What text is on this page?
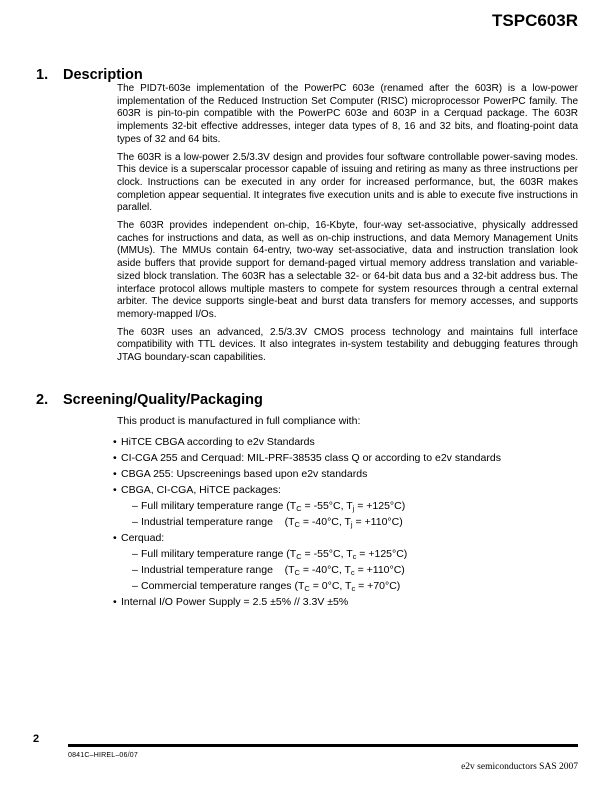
TSPC603R
1.	Description

The PID7t-603e implementation of the PowerPC 603e (renamed after the 603R) is a low-power implementation of the Reduced Instruction Set Computer (RISC) microprocessor PowerPC family. The 603R is pin-to-pin compatible with the PowerPC 603e and 603P in a Cerquad package. The 603R implements 32-bit effective addresses, integer data types of 8, 16 and 32 bits, and floating-point data types of 32 and 64 bits.

The 603R is a low-power 2.5/3.3V design and provides four software controllable power-saving modes. This device is a superscalar processor capable of issuing and retiring as many as three instructions per clock. Instructions can be executed in any order for increased performance, but, the 603R makes completion appear sequential. It integrates five execution units and is able to execute five instructions in parallel.

The 603R provides independent on-chip, 16-Kbyte, four-way set-associative, physically addressed caches for instructions and data, as well as on-chip instructions, and data Memory Management Units (MMUs). The MMUs contain 64-entry, two-way set-associative, data and instruction translation look aside buffers that provide support for demand-paged virtual memory address translation and variable-sized block translation. The 603R has a selectable 32- or 64-bit data bus and a 32-bit address bus. The interface protocol allows multiple masters to compete for system resources through a central external arbiter. The device supports single-beat and burst data transfers for memory accesses, and supports memory-mapped I/Os.

The 603R uses an advanced, 2.5/3.3V CMOS process technology and maintains full interface compatibility with TTL devices. It also integrates in-system testability and debugging features through JTAG boundary-scan capabilities.

2.	Screening/Quality/Packaging

This product is manufactured in full compliance with:

• HiTCE CBGA according to e2v Standards
• CI-CGA 255 and Cerquad: MIL-PRF-38535 class Q or according to e2v standards
• CBGA 255: Upscreenings based upon e2v standards
• CBGA, CI-CGA, HiTCE packages:
– Full military temperature range ($T_C = -55^\circ C$, $T_j = +125^\circ C$)
– Industrial temperature range    ($T_C = -40^\circ C$, $T_j = +110^\circ C$)
• Cerquad:
– Full military temperature range ($T_C = -55^\circ C$, $T_c = +125^\circ C$)
– Industrial temperature range    ($T_C = -40^\circ C$, $T_c = +110^\circ C$)
– Commercial temperature ranges ($T_C = 0^\circ C$, $T_c = +70^\circ C$)
• Internal I/O Power Supply = 2.5 ±5% // 3.3V ±5%
2
0841C–HIREL–06/07
e2v semiconductors SAS 2007
